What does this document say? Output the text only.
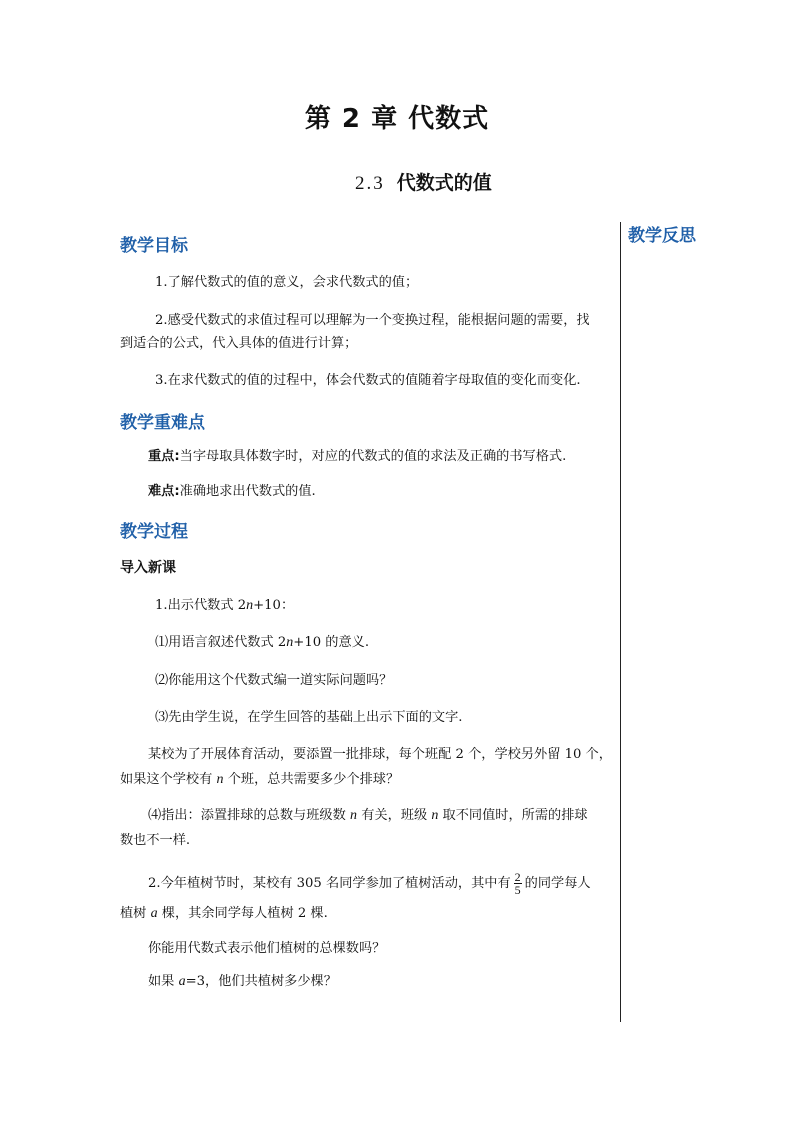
第 2 章 代数式
2.3 代数式的值
教学反思
教学目标
1.了解代数式的值的意义，会求代数式的值；
2.感受代数式的求值过程可以理解为一个变换过程，能根据问题的需要，找
到适合的公式，代入具体的值进行计算；
3.在求代数式的值的过程中，体会代数式的值随着字母取值的变化而变化.
教学重难点
重点:当字母取具体数字时，对应的代数式的值的求法及正确的书写格式.
难点:准确地求出代数式的值.
教学过程
导入新课
1.出示代数式 2n+10：
⑴用语言叙述代数式 2n+10 的意义.
⑵你能用这个代数式编一道实际问题吗？
⑶先由学生说，在学生回答的基础上出示下面的文字.
某校为了开展体育活动，要添置一批排球，每个班配 2 个，学校另外留 10 个，
如果这个学校有 n 个班，总共需要多少个排球？
⑷指出：添置排球的总数与班级数 n 有关，班级 n 取不同值时，所需的排球
数也不一样.
2.今年植树节时，某校有 305 名同学参加了植树活动，其中有 $\frac{2}{5}$ 的同学每人
植树 a 棵，其余同学每人植树 2 棵.
你能用代数式表示他们植树的总棵数吗？
如果 a=3，他们共植树多少棵？
